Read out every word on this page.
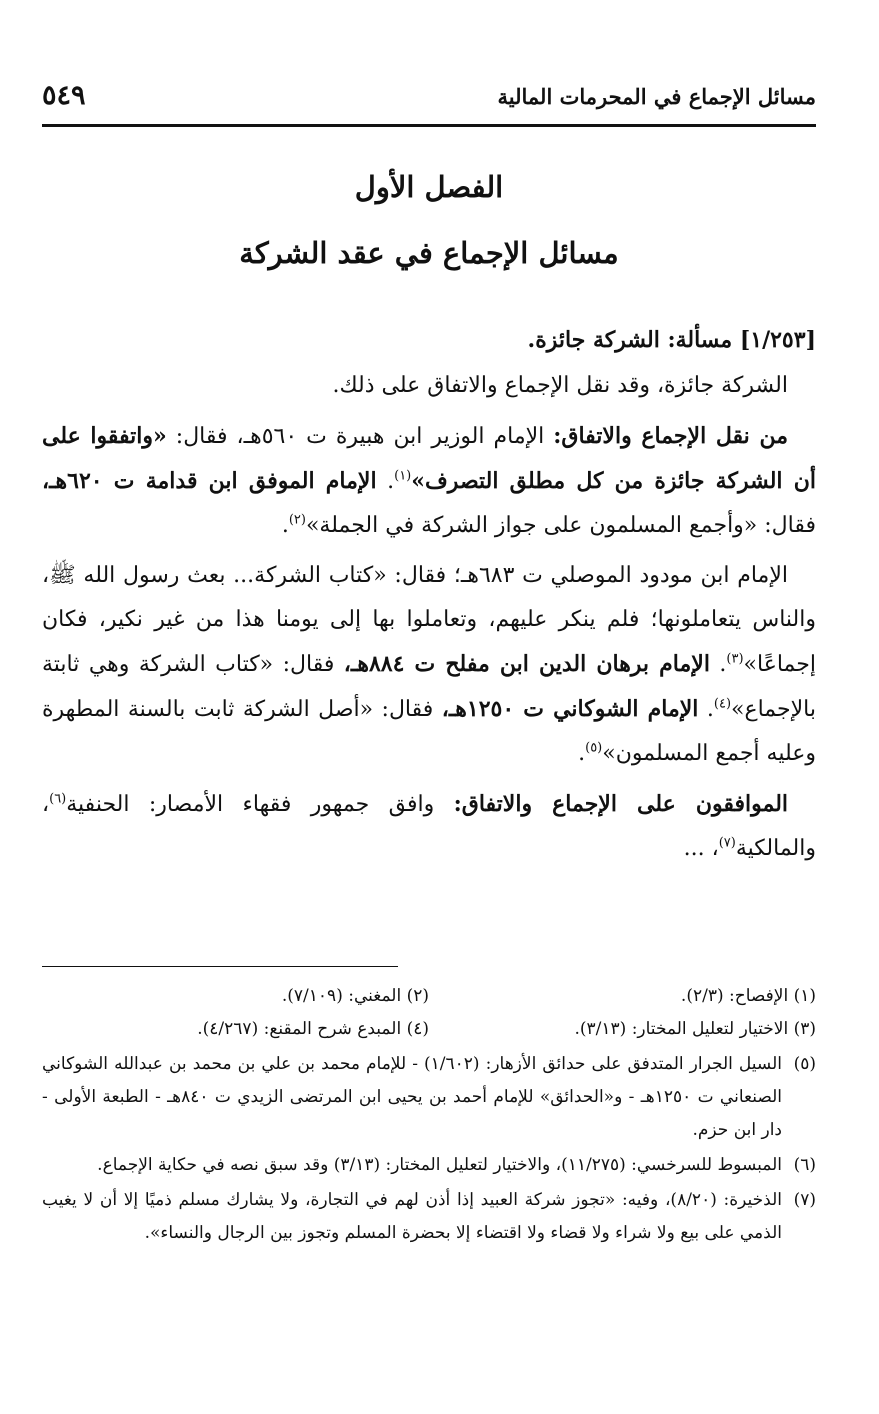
مسائل الإجماع في المحرمات المالية
٥٤٩
الفصل الأول
مسائل الإجماع في عقد الشركة

[١/٢٥٣] مسألة: الشركة جائزة.

الشركة جائزة، وقد نقل الإجماع والاتفاق على ذلك.

من نقل الإجماع والاتفاق: الإمام الوزير ابن هبيرة ت ٥٦٠هـ، فقال: «واتفقوا على أن الشركة جائزة من كل مطلق التصرف»$^{(١)}$. الإمام الموفق ابن قدامة ت ٦٢٠هـ، فقال: «وأجمع المسلمون على جواز الشركة في الجملة»$^{(٢)}$.

الإمام ابن مودود الموصلي ت ٦٨٣هـ؛ فقال: «كتاب الشركة... بعث رسول الله ﷺ، والناس يتعاملونها؛ فلم ينكر عليهم، وتعاملوا بها إلى يومنا هذا من غير نكير، فكان إجماعًا»$^{(٣)}$. الإمام برهان الدين ابن مفلح ت ٨٨٤هـ، فقال: «كتاب الشركة وهي ثابتة بالإجماع»$^{(٤)}$. الإمام الشوكاني ت ١٢٥٠هـ، فقال: «أصل الشركة ثابت بالسنة المطهرة وعليه أجمع المسلمون»$^{(٥)}$.

الموافقون على الإجماع والاتفاق: وافق جمهور فقهاء الأمصار: الحنفية$^{(٦)}$، والمالكية$^{(٧)}$، ...

(١) الإفصاح: (٢/٣).
(٢) المغني: (٧/١٠٩).
(٣) الاختيار لتعليل المختار: (٣/١٣).
(٤) المبدع شرح المقنع: (٤/٢٦٧).
(٥)
السيل الجرار المتدفق على حدائق الأزهار: (١/٦٠٢) - للإمام محمد بن علي بن محمد بن عبدالله الشوكاني الصنعاني ت ١٢٥٠هـ - و«الحدائق» للإمام أحمد بن يحيى ابن المرتضى الزيدي ت ٨٤٠هـ - الطبعة الأولى - دار ابن حزم.
(٦)
المبسوط للسرخسي: (١١/٢٧٥)، والاختيار لتعليل المختار: (٣/١٣) وقد سبق نصه في حكاية الإجماع.
(٧)
الذخيرة: (٨/٢٠)، وفيه: «تجوز شركة العبيد إذا أذن لهم في التجارة، ولا يشارك مسلم ذميًا إلا أن لا يغيب الذمي على بيع ولا شراء ولا قضاء ولا اقتضاء إلا بحضرة المسلم وتجوز بين الرجال والنساء».
